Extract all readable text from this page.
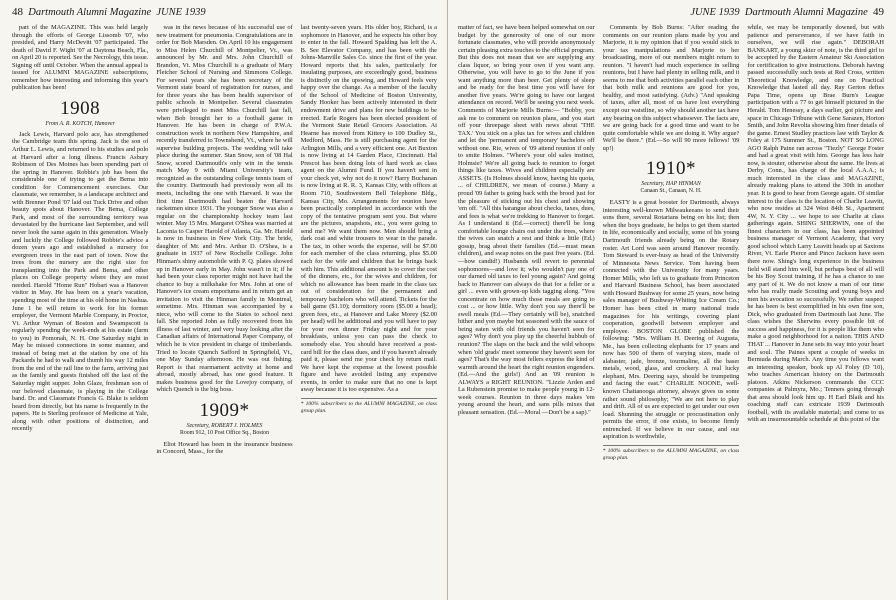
48 Dartmouth Alumni Magazine JUNE 1939

part of the MAGAZINE. This was held largely through the efforts of George Lissomb '07, who presided, and Harry McDevitt '07 participated. The death of David F. Wight '07 at Daytona Beach, Fla., on April 20 is reported. See the Necrology, this issue. Signing off until October. When the annual appeal is issued for ALUMNI MAGAZINE subscriptions, remember how interesting and informing this year's publication has been!

1908
From A. R. KOTCH, Hanover

Jack Lewis, Harvard polo ace, has strengthened the Cambridge team this spring. Jack is the son of Arthur L. Lewis, and returned to his studies and polo at Harvard after a long illness. Francis Asbury Robinson of Des Moines has been spending part of the spring in Hanover. Robbie's job has been the considerable one of trying to get the Bema into condition for Commencement exercises. Our classmate, we remember, is a landscape architect and with Brenner Pond '07 laid out Tuck Drive and other beauty spots about Hanover. The Bema, College Park, and most of the surrounding territory was devastated by the hurricane last September, and will never look the same again in this generation. Wisely and luckily the College followed Robbie's advice a dozen years ago and established a nursery for evergreen trees in the east part of town. Now the trees from the nursery are the right size for transplanting into the Park and Bema, and other places on College property where they are most needed. Harold "Home Run" Hobart was a Hanover visitor in May. He has been on a year's vacation, spending most of the time at his old home in Nashua. June 1 he will return to work for his former employer, the Vermont Marble Company, in Proctor, Vt. Arthur Wyman of Boston and Swampscott is regularly spending the week-ends at his estate (farm to you) in Pomonah, N. H. One Saturday night in May he missed connections in some manner, and instead of being met at the station by one of his Packards he had to walk and thumb his way 12 miles from the end of the rail line to the farm, arriving just as the family and guests finished off the last of the Saturday night supper. John Glaze, freshman son of our beloved classmate, is playing in the College band. Dr. and Classmate Francis G. Blake is seldom heard from directly, but his name is frequently in the papers. He is Sterling professor of Medicine at Yale, along with other positions of distinction, and recently

was in the news because of his successful use of new treatment for pneumonia. Congratulations are in order for Bob Marsden. On April 10 his engagement to Miss Helen Churchill of Montpelier, Vt., was announced by Mr. and Mrs. John Churchill of Brandon, Vt. Miss Churchill is a graduate of Mary Fletcher School of Nursing and Simmons College. For several years she has been secretary of the Vermont state board of registration for nurses, and for three years she has been health supervisor of public schools in Montpelier. Several classmates were privileged to meet Miss Churchill last fall, when Bob brought her to a football game in Hanover. He has been in charge of P.W.A. construction work in northern New Hampshire, and recently transferred to Townshend, Vt., where he will supervise building projects. The wedding will take place during the summer. Stan Snow, son of '08 Hal Snow, scored Dartmouth's only win in the tennis match May 9 with Miami University's team, recognized as the outstanding college tennis team of the country. Dartmouth had previously won all its meets, including the one with Harvard. It was the first time Dartmouth had beaten the Harvard racketmen since 1931. The younger Snow was also a regular on the championship hockey team last winter. May 15 Mrs. Margaret O'Shea was married at Laconia to Casper Harold of Atlanta, Ga. Mr. Harold is now in business in New York City. The bride, daughter of Mr. and Mrs. Arthur D. O'Shea, is a graduate in 1937 of New Rochelle College. John Hinman's shiny automobile with P. Q. plates showed up in Hanover early in May. John wasn't in it; if he had been your class reporter might not have had the chance to buy a milkshake for Mrs. John at one of Hanover's ice cream emporiums and in return get an invitation to visit the Hinman family in Montreal, sometime. Mrs. Hinman was accompanied by a niece, who will come to the States to school next fall. She reported John as fully recovered from his illness of last winter, and very busy looking after the Canadian affairs of International Paper Company, of which he is vice president in charge of timberlands. Tried to locate Quench Safford in Springfield, Vt., one May Sunday afternoon. He was out fishing. Report is that rearmament activity at home and abroad, mostly abroad, has one good feature. It makes business good for the Lovejoy company, of which Quench is the big boss.

1909*
Secretary, ROBERT J. HOLMES
Room 912, 10 Post Office Sq., Boston

Eliot Howard has been in the insurance business in Concord, Mass., for the

last twenty-seven years. His older boy, Richard, is a sophomore in Hanover, and he expects his other boy to enter in the fall. Howard Spalding has left the A. B. See Elevator Company, and has been with the Johns-Manville Sales Co. since the first of the year. Howard reports that his sales, particularly for insulating purposes, are exceedingly good, business is distinctly on the upswing, and Howard feels very happy over the change. As a member of the faculty of the School of Medicine of Boston University, Sandy Hooker has been actively interested in their endowment drive and plans for new buildings to be erected. Earle Rogers has been elected president of the Vermont State Retail Grocers Association. At Hearne has moved from Kittery to 100 Dudley St., Medford, Mass. He is still purchasing agent for the Arlington Mills, and a very efficient one. Art Buxton is now living at 14 Garden Place, Cincinnati. Hal Prescot has been doing lots of hard work as class agent on the Alumni Fund. If you haven't sent in your check yet, why not do it now? Harry Buchanan is now living at R. R. 3, Kansas City, with offices at Room 710, Southwestern Bell Telephone Bldg., Kansas City, Mo. Arrangements for reunion have been practically completed in accordance with the copy of the tentative program sent you. But where are the pictures, snapshots, etc., you were going to send me? We want them now. Men should bring a dark coat and white trousers to wear in the parade. The tax, in other words the expense, will be $7.00 for each member of the class returning, plus $5.00 each for the wife and children that he brings back with him. This additional amount is to cover the cost of the dinners, etc., for the wives and children, for which no allowance has been made in the class tax out of consideration for the permanent and temporary bachelors who will attend. Tickets for the ball game ($1.10); dormitory room ($5.00 a head); green fees, etc., at Hanover and Lake Morey ($2.00 per head) will be additional and you will have to pay for your own dinner Friday night and for your breakfasts, unless you can pass the check to somebody else. You should have received a post-card bill for the class dues, and if you haven't already paid it, please send me your check by return mail. We have kept the expense at the lowest possible figure and have avoided listing any expensive events, in order to make sure that no one is kept away because it is too expensive. As a

* 100% subscribers to the ALUMNI MAGAZINE, on class group plan.
JUNE 1939 Dartmouth Alumni Magazine 49

matter of fact, we have been helped somewhat on our budget by the generosity of one of our more fortunate classmates, who will provide anonymously certain pleasing extra touches to the official program. But this does not mean that we are supplying any class liquor, so bring your own if you want any. Otherwise, you will have to go to the June if you want anything more than beer. Get plenty of sleep and be ready for the best time you will have for another five years. We're going to have our largest attendance on record. We'll be seeing you next week. Comments of Marjorie Mills Burns:— "Bobby, you ask me to comment on reunion plans, and you start off your threepage sheet with news about 'THE TAX.' You stick on a plus tax for wives and children and let the 'permanent and temporary' bachelors off without one. Rie, wives of '09 attend reunion if only to smite Holmes. "Where's your old sales instinct, Holmsie? We're all going back to reunion to forget things like taxes. Wives and children especially are ASSETS. (Is Holmes should know, having his quota, ... of CHILDREN, we mean of course.) Many a proud '09 father is going back with the brood just for the pleasure of sticking out his chest and showing 'em off. "All this harangue about checks, taxes, dues, and fees is what we're trekking to Hanover to forget. As I understand it (Ed.—correct) there'll be long comfortable lounge chairs out under the trees, where the wives can snatch a rest and think a little (Ed.) gossip, brag about their families (Ed.—must mean children), and swap notes on the past five years. (Ed.—how candid!) Husbands will revert to perennial sophomores—and love it; who wouldn't pay one of our darned old taxes to feel young again? And going back to Hanover can always do that for a feller or a girl ... even with grown-up kids tagging along. "You concentrate on how much those meals are going to cost ... or how little. Why don't you say there'll be swell meals (Ed.—They certainly will be), snatched hither and yon maybe but seasoned with the sauce of being eaten with old friends you haven't seen for ages? Why don't you play up the cheerful hubbub of reunion? The slaps on the back and the wild whoops when 'old grads' meet someone they haven't seen for ages? That's the way most fellers express the kind of warmth around the heart the right reunion engenders. (Ed.—And the girls!) And an '09 reunion is ALWAYS a RIGHT REUNION. "Lizzie Arden and La Rubenstein promise to make people young in 12-week courses. Reunion in three days makes 'em young around the heart, and sans pills mixes that pleasant sensation. (Ed.—Moral —Don't be a sap)."

Comments by Bob Burns: "After reading the comments on our reunion plans made by you and Marjorie, it is my opinion that if you would stick to your tax manipulations and Marjorie to her broadcasting, more of our members might return to reunion. "I haven't had much experience in selling reunions, but I have had plenty in selling milk, and it seems to me that both activities parallel each other in that both milk and reunions are good for you, healthy, and most satisfying. (Adv.) "And speaking of taxes, after all, most of us have lost everything except our waistline, so why should another tax have any bearing on this subject whatsoever. The facts are, we are going back for a good time and want to be quite comfortable while we are doing it. Why argue? We'll be there." (Ed.—So will 90 more fellows! '09 up!)

1910*
Secretary, HAP HINMAN
Canaan St., Canaan, N. H.

EASTY is a great booster for Dartmouth, always interesting well-known Milwaukeeans to send their sons there, several Rotarians being on his list; then when the boys graduate, he helps to get them started in life, economically and socially, some of his young Dartmouth friends already being on the Rotary roster. Art Lord was seen around Hanover recently. Tom Steward is ever-busy as head of the University of Minnesota News Service. Tom having been connected with the University for many years. Homer Mills, who left us to graduate from Princeton and Harvard Business School, has been associated with Howard Bushway for some 25 years, now being sales manager of Bushway-Whiting Ice Cream Co.; Homer has been cited in many national trade magazines for his writings, covering plant cooperation, goodwill between employer and employee. BOSTON GLOBE published the following: "Mrs. William H. Deering of Augusta, Me., has been collecting elephants for 17 years and now has 500 of them of varying sizes, made of alabaster, jade, bronze, tourmaline, all the baser metals, wood, glass, and crockery. A real lucky elephant, Mrs. Deering says, should be trumpeting and facing the east." CHARLIE NOONE, well-known Chattanooga attorney, always gives us some rather sound philosophy; "We are not here to play and drift. All of us are expected to get under our own load. Shunning the struggle or procrastination only permits the error, if one exists, to become firmly entrenched. If we believe in our cause, and our aspiration is worthwhile,

* 100% subscribers to the ALUMNI MAGAZINE, on class group plan.

while, we may be temporarily downed, but with patience and perseverance, if we have faith in ourselves, we will rise again." DEBORAH BANKART, a young skier of note, is the third girl to be accepted by the Eastern Amateur Ski Association for certification to give instructions. Deborah having passed successfully such tests at Red Cross, written Theoretical Knowledge, and one on Practical Knowledge that lasted all day. Ray Gerton defies Papa Time, opens up Brae Burn's League participation with a 77 to get himself pictured in the Herald. Tom Henessy, a days earlier, got picture and space in Chicago Tribune with Gene Sarazen, Horton Smith, and John Revolta showing him finer details of the game. Ernest Studley practices law with Taylor & Foley at 175 Summer St., Boston. NOT SO LONG AGO Ralph Paine ran across "Tiezly" George Foster and had a great visit with him. George has less hair now, is stouter, otherwise about the same. He lives at Derby, Conn., has charge of the local A.A.A.; is much interested in the class and MAGAZINE, already making plans to attend the 30th in another year. It is good to hear from George again. Of similar interest to the class is the location of Charlie Leavitt, who now resides at 324 West 84th St., Apartment 4W, N. Y. City ... we hope to see Charlie at class gatherings again. SHING SHERWIN, one of the finest characters in our class, has been appointed business manager of Vermont Academy, that very good school which Larry Leavitt heads up at Saxtons River, Vt. Earle Pierce and Pinco Jackson have seen there now. Shing's long experience in the business field will stand him well, but perhaps best of all will be his Boy Scout training, if he has a chance to use any part of it. We do not know a man of our time who has really made Scouting and young boys and men his avocation so successfully. We rather suspect he has been is best exemplified in his own fine son, Dick, who graduated from Dartmouth last June. The class wishes the Sherwins every possible bit of success and happiness, for it is people like them who make a good neighborhood for a nation. THIS AND THAT ... Hanover in June sets its way into your heart and soul. The Paines spent a couple of weeks in Bermuda during March. Any time you fellows want an interesting speaker, book up Al Foley (D '10), who teaches American history on the Dartmouth platoon. Atkins Nickerson commands the CCC companies at Palmyra, Mo.; Tenners going through that area should look him up. H Earl Blaik and his coaching staff can extricate 1939 Dartmouth football, with its available material; and come to us with an insurmountable schedule at this point of the
